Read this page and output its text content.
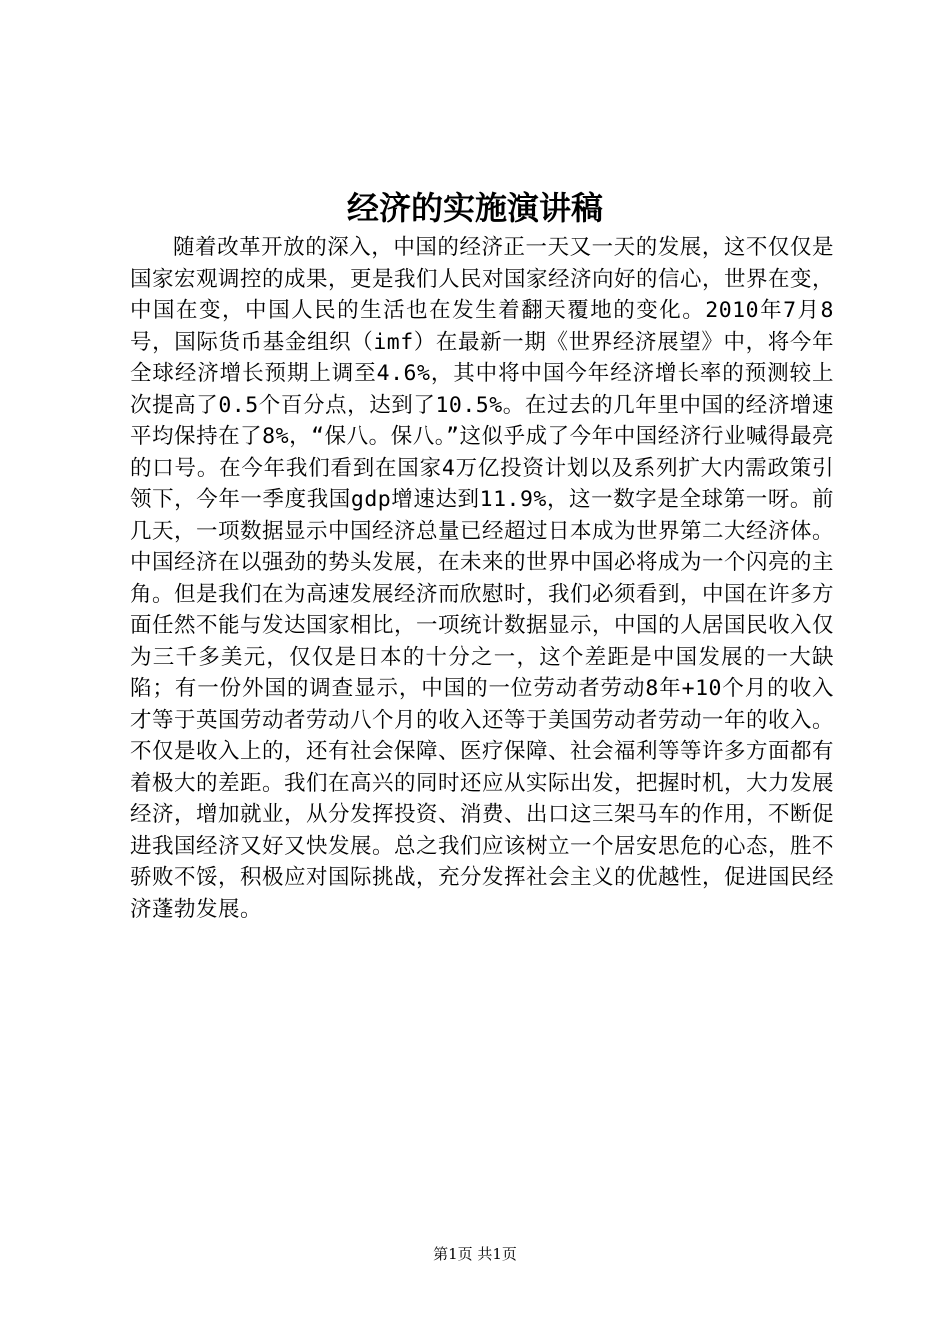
经济的实施演讲稿

随着改革开放的深入，中国的经济正一天又一天的发展，这不仅仅是国家宏观调控的成果，更是我们人民对国家经济向好的信心，世界在变，中国在变，中国人民的生活也在发生着翻天覆地的变化。2010年7月8号，国际货币基金组织（imf）在最新一期《世界经济展望》中，将今年全球经济增长预期上调至4.6%，其中将中国今年经济增长率的预测较上次提高了0.5个百分点，达到了10.5%。在过去的几年里中国的经济增速平均保持在了8%，“保八。保八。”这似乎成了今年中国经济行业喊得最亮的口号。在今年我们看到在国家4万亿投资计划以及系列扩大内需政策引领下，今年一季度我国gdp增速达到11.9%，这一数字是全球第一呀。前几天，一项数据显示中国经济总量已经超过日本成为世界第二大经济体。中国经济在以强劲的势头发展，在未来的世界中国必将成为一个闪亮的主角。但是我们在为高速发展经济而欣慰时，我们必须看到，中国在许多方面任然不能与发达国家相比，一项统计数据显示，中国的人居国民收入仅为三千多美元，仅仅是日本的十分之一，这个差距是中国发展的一大缺陷；有一份外国的调查显示，中国的一位劳动者劳动8年+10个月的收入才等于英国劳动者劳动八个月的收入还等于美国劳动者劳动一年的收入。不仅是收入上的，还有社会保障、医疗保障、社会福利等等许多方面都有着极大的差距。我们在高兴的同时还应从实际出发，把握时机，大力发展经济，增加就业，从分发挥投资、消费、出口这三架马车的作用，不断促进我国经济又好又快发展。总之我们应该树立一个居安思危的心态，胜不骄败不馁，积极应对国际挑战，充分发挥社会主义的优越性，促进国民经济蓬勃发展。

第1页 共1页
